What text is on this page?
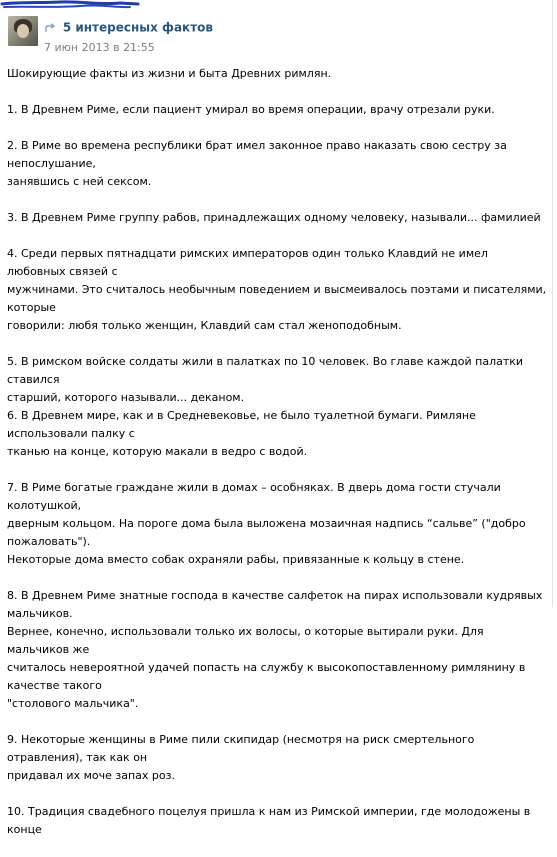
5 интересных фактов
7 июн 2013 в 21:55

Шокирующие факты из жизни и быта Древних римлян.

1. В Древнем Риме, если пациент умирал во время операции, врачу отрезали руки.

2. В Риме во времена республики брат имел законное право наказать свою сестру за непослушание,
занявшись с ней сексом.

3. В Древнем Риме группу рабов, принадлежащих одному человеку, называли... фамилией

4. Среди первых пятнадцати римских императоров один только Клавдий не имел любовных связей с
мужчинами. Это считалось необычным поведением и высмеивалось поэтами и писателями, которые
говорили: любя только женщин, Клавдий сам стал женоподобным.

5. В римском войске солдаты жили в палатках по 10 человек. Во главе каждой палатки ставился
старший, которого называли... деканом.

6. В Древнем мире, как и в Средневековье, не было туалетной бумаги. Римляне использовали палку с
тканью на конце, которую макали в ведро с водой.

7. В Риме богатые граждане жили в домах – особняках. В дверь дома гости стучали колотушкой,
дверным кольцом. На пороге дома была выложена мозаичная надпись “сальве” ("добро пожаловать").
Некоторые дома вместо собак охраняли рабы, привязанные к кольцу в стене.

8. В Древнем Риме знатные господа в качестве салфеток на пирах использовали кудрявых мальчиков.
Вернее, конечно, использовали только их волосы, о которые вытирали руки. Для мальчиков же
считалось невероятной удачей попасть на службу к высокопоставленному римлянину в качестве такого
"столового мальчика".

9. Некоторые женщины в Риме пили скипидар (несмотря на риск смертельного отравления), так как он
придавал их моче запах роз.

10. Традиция свадебного поцелуя пришла к нам из Римской империи, где молодожены в конце
